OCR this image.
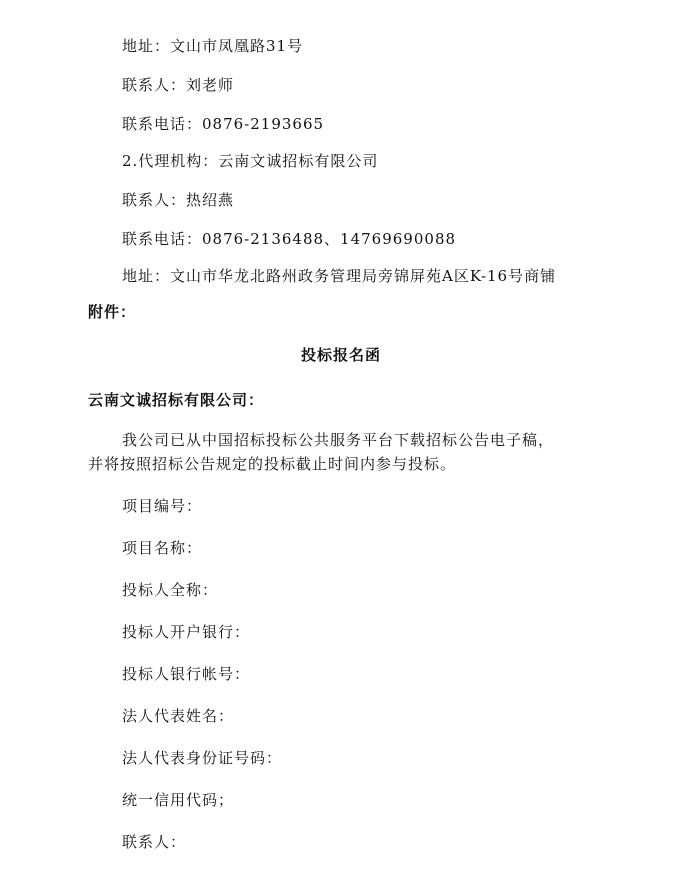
地址：文山市凤凰路31号
联系人：刘老师
联系电话：0876-2193665
2.代理机构：云南文诚招标有限公司
联系人：热绍燕
联系电话：0876-2136488、14769690088
地址：文山市华龙北路州政务管理局旁锦屏苑A区K-16号商铺
附件：
投标报名函
云南文诚招标有限公司：
我公司已从中国招标投标公共服务平台下载招标公告电子稿，
并将按照招标公告规定的投标截止时间内参与投标。
项目编号：
项目名称：
投标人全称：
投标人开户银行：
投标人银行帐号：
法人代表姓名：
法人代表身份证号码：
统一信用代码；
联系人：
